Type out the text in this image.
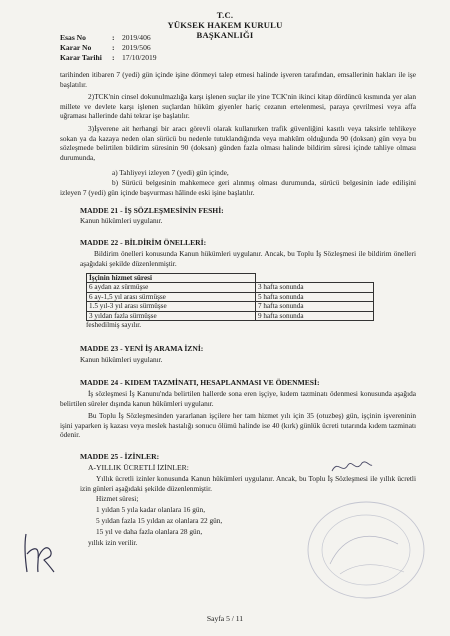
T.C.
YÜKSEK HAKEM KURULU
BAŞKANLIĞI
Esas No	: 2019/406
Karar No	: 2019/506
Karar Tarihi : 17/10/2019
tarihinden itibaren 7 (yedi) gün içinde işine dönmeyi talep etmesi halinde işveren tarafından, emsallerinin hakları ile işe başlatılır.
2)TCK'nin cinsel dokunulmazlığa karşı işlenen suçlar ile yine TCK'nin ikinci kitap dördüncü kısmında yer alan millete ve devlete karşı işlenen suçlardan hüküm giyenler hariç cezanın ertelenmesi, paraya çevrilmesi veya affa uğraması hallerinde dahi tekrar işe başlatılır.
3)İşverene ait herhangi bir aracı görevli olarak kullanırken trafik güvenliğini kasıtlı veya taksirle tehlikeye sokan ya da kazaya neden olan sürücü bu nedenle tutuklandığında veya mahkûm olduğunda 90 (doksan) gün veya bu sözleşmede belirtilen bildirim süresinin 90 (doksan) günden fazla olması halinde bildirim süresi içinde tahliye olması durumunda,
a) Tahliyeyi izleyen 7 (yedi) gün içinde,
b) Sürücü belgesinin mahkemece geri alınmış olması durumunda, sürücü belgesinin iade edilişini izleyen 7 (yedi) gün içinde başvurması hâlinde eski işine başlatılır.
MADDE 21 - İŞ SÖZLEŞMESİNİN FESHİ:
Kanun hükümleri uygulanır.
MADDE 22 - BİLDİRİM ÖNELLERİ:
Bildirim önelleri konusunda Kanun hükümleri uygulanır. Ancak, bu Toplu İş Sözleşmesi ile bildirim önelleri aşağıdaki şekilde düzenlenmiştir.
İşçinin hizmet süresi	
6 aydan az sürmüşse	3 hafta sonunda
6 ay-1,5 yıl arası sürmüşse	5 hafta sonunda
1.5 yıl-3 yıl arası sürmüşse	7 hafta sonunda
3 yıldan fazla sürmüşse	9 hafta sonunda
feshedilmiş sayılır.
MADDE 23 - YENİ İŞ ARAMA İZNİ:
Kanun hükümleri uygulanır.
MADDE 24 - KIDEM TAZMİNATI, HESAPLANMASI VE ÖDENMESİ:
İş sözleşmesi İş Kanunu'nda belirtilen hallerde sona eren işçiye, kıdem tazminatı ödenmesi konusunda aşağıda belirtilen süreler dışında kanun hükümleri uygulanır.
Bu Toplu İş Sözleşmesinden yararlanan işçilere her tam hizmet yılı için 35 (otuzbeş) gün, işçinin işvereninin işini yaparken iş kazası veya meslek hastalığı sonucu ölümü halinde ise 40 (kırk) günlük ücreti tutarında kıdem tazminatı ödenir.
MADDE 25 - İZİNLER:
A-YILLIK ÜCRETLİ İZİNLER:
Yıllık ücretli izinler konusunda Kanun hükümleri uygulanır. Ancak, bu Toplu İş Sözleşmesi ile yıllık ücretli izin günleri aşağıdaki şekilde düzenlenmiştir.
Hizmet süresi;
1 yıldan 5 yıla kadar olanlara 16 gün,
5 yıldan fazla 15 yıldan az olanlara 22 gün,
15 yıl ve daha fazla olanlara 28 gün,
yıllık izin verilir.
Sayfa 5 / 11
